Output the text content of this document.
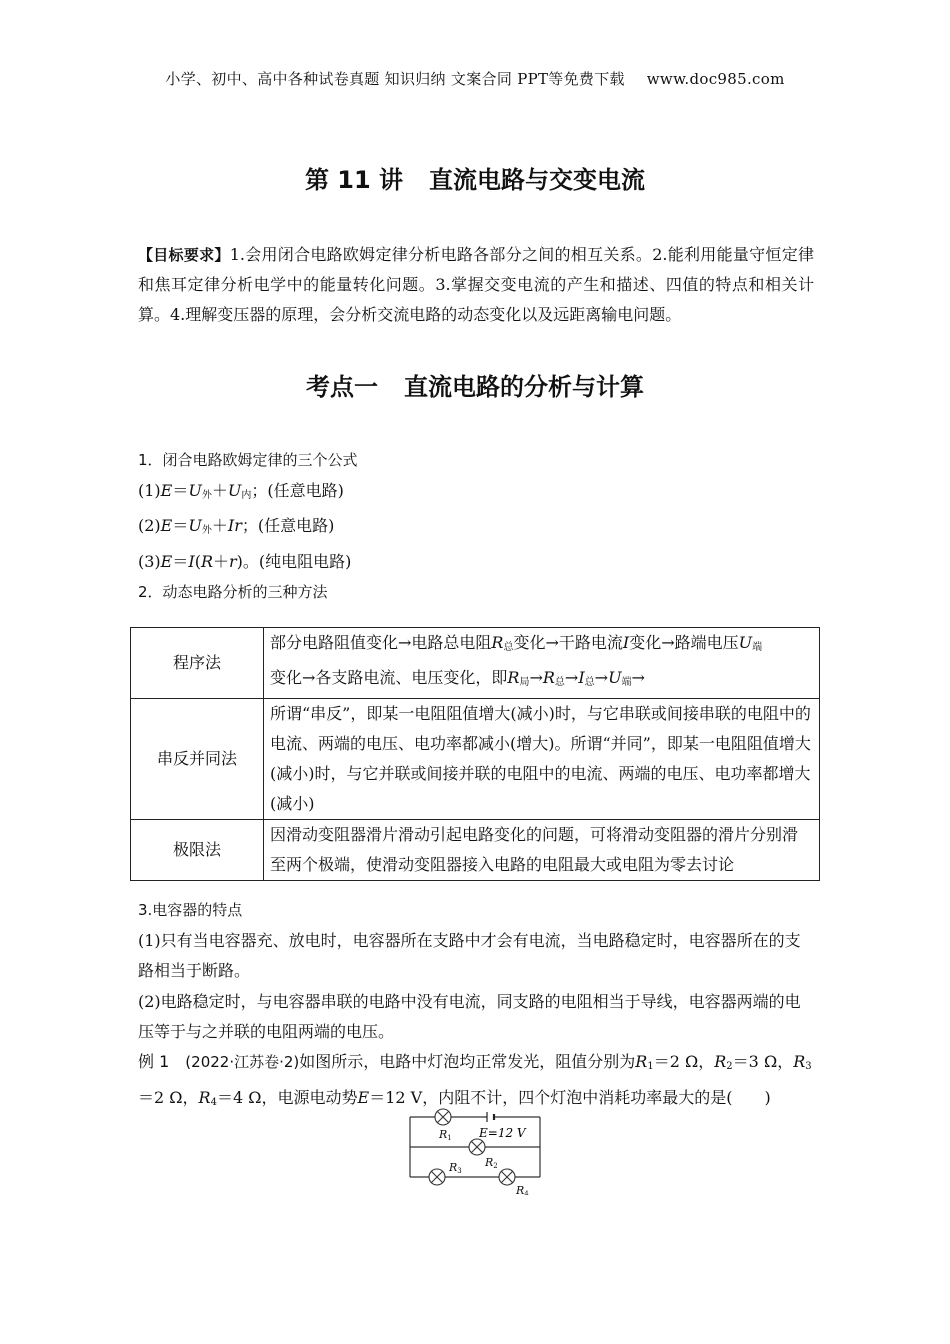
小学、初中、高中各种试卷真题 知识归纳 文案合同 PPT等免费下载 www.doc985.com
第 11 讲 直流电路与交变电流
【目标要求】1.会用闭合电路欧姆定律分析电路各部分之间的相互关系。2.能利用能量守恒定律和焦耳定律分析电学中的能量转化问题。3.掌握交变电流的产生和描述、四值的特点和相关计算。4.理解变压器的原理，会分析交流电路的动态变化以及远距离输电问题。
考点一 直流电路的分析与计算
1．闭合电路欧姆定律的三个公式
$(1)E=U_外+U_内$；(任意电路)
$(2)E=U_外+Ir$；(任意电路)
(3)E＝I(R＋r)。(纯电阻电路)
2．动态电路分析的三种方法
程序法	部分电路阻值变化→电路总电阻$R_总$变化→干路电流I变化→路端电压$U_端$
变化→各支路电流、电压变化，即$R_局\to R_总\to I_总\to U_端\to$
串反并同法	所谓“串反”，即某一电阻阻值增大(减小)时，与它串联或间接串联的电阻中的电流、两端的电压、电功率都减小(增大)。所谓“并同”，即某一电阻阻值增大(减小)时，与它并联或间接并联的电阻中的电流、两端的电压、电功率都增大(减小)
极限法	因滑动变阻器滑片滑动引起电路变化的问题，可将滑动变阻器的滑片分别滑至两个极端，使滑动变阻器接入电路的电阻最大或电阻为零去讨论
3.电容器的特点
(1)只有当电容器充、放电时，电容器所在支路中才会有电流，当电路稳定时，电容器所在的支路相当于断路。
(2)电路稳定时，与电容器串联的电路中没有电流，同支路的电阻相当于导线，电容器两端的电压等于与之并联的电阻两端的电压。
例 1　 (2022·江苏卷·2)如图所示，电路中灯泡均正常发光，阻值分别为$R_1=2$ Ω，$R_2=3$ Ω，$R_3=2$ Ω，$R_4=4$ Ω，电源电动势E＝12 V，内阻不计，四个灯泡中消耗功率最大的是(　　)
E=12 V
R1
R2
R3
R4
